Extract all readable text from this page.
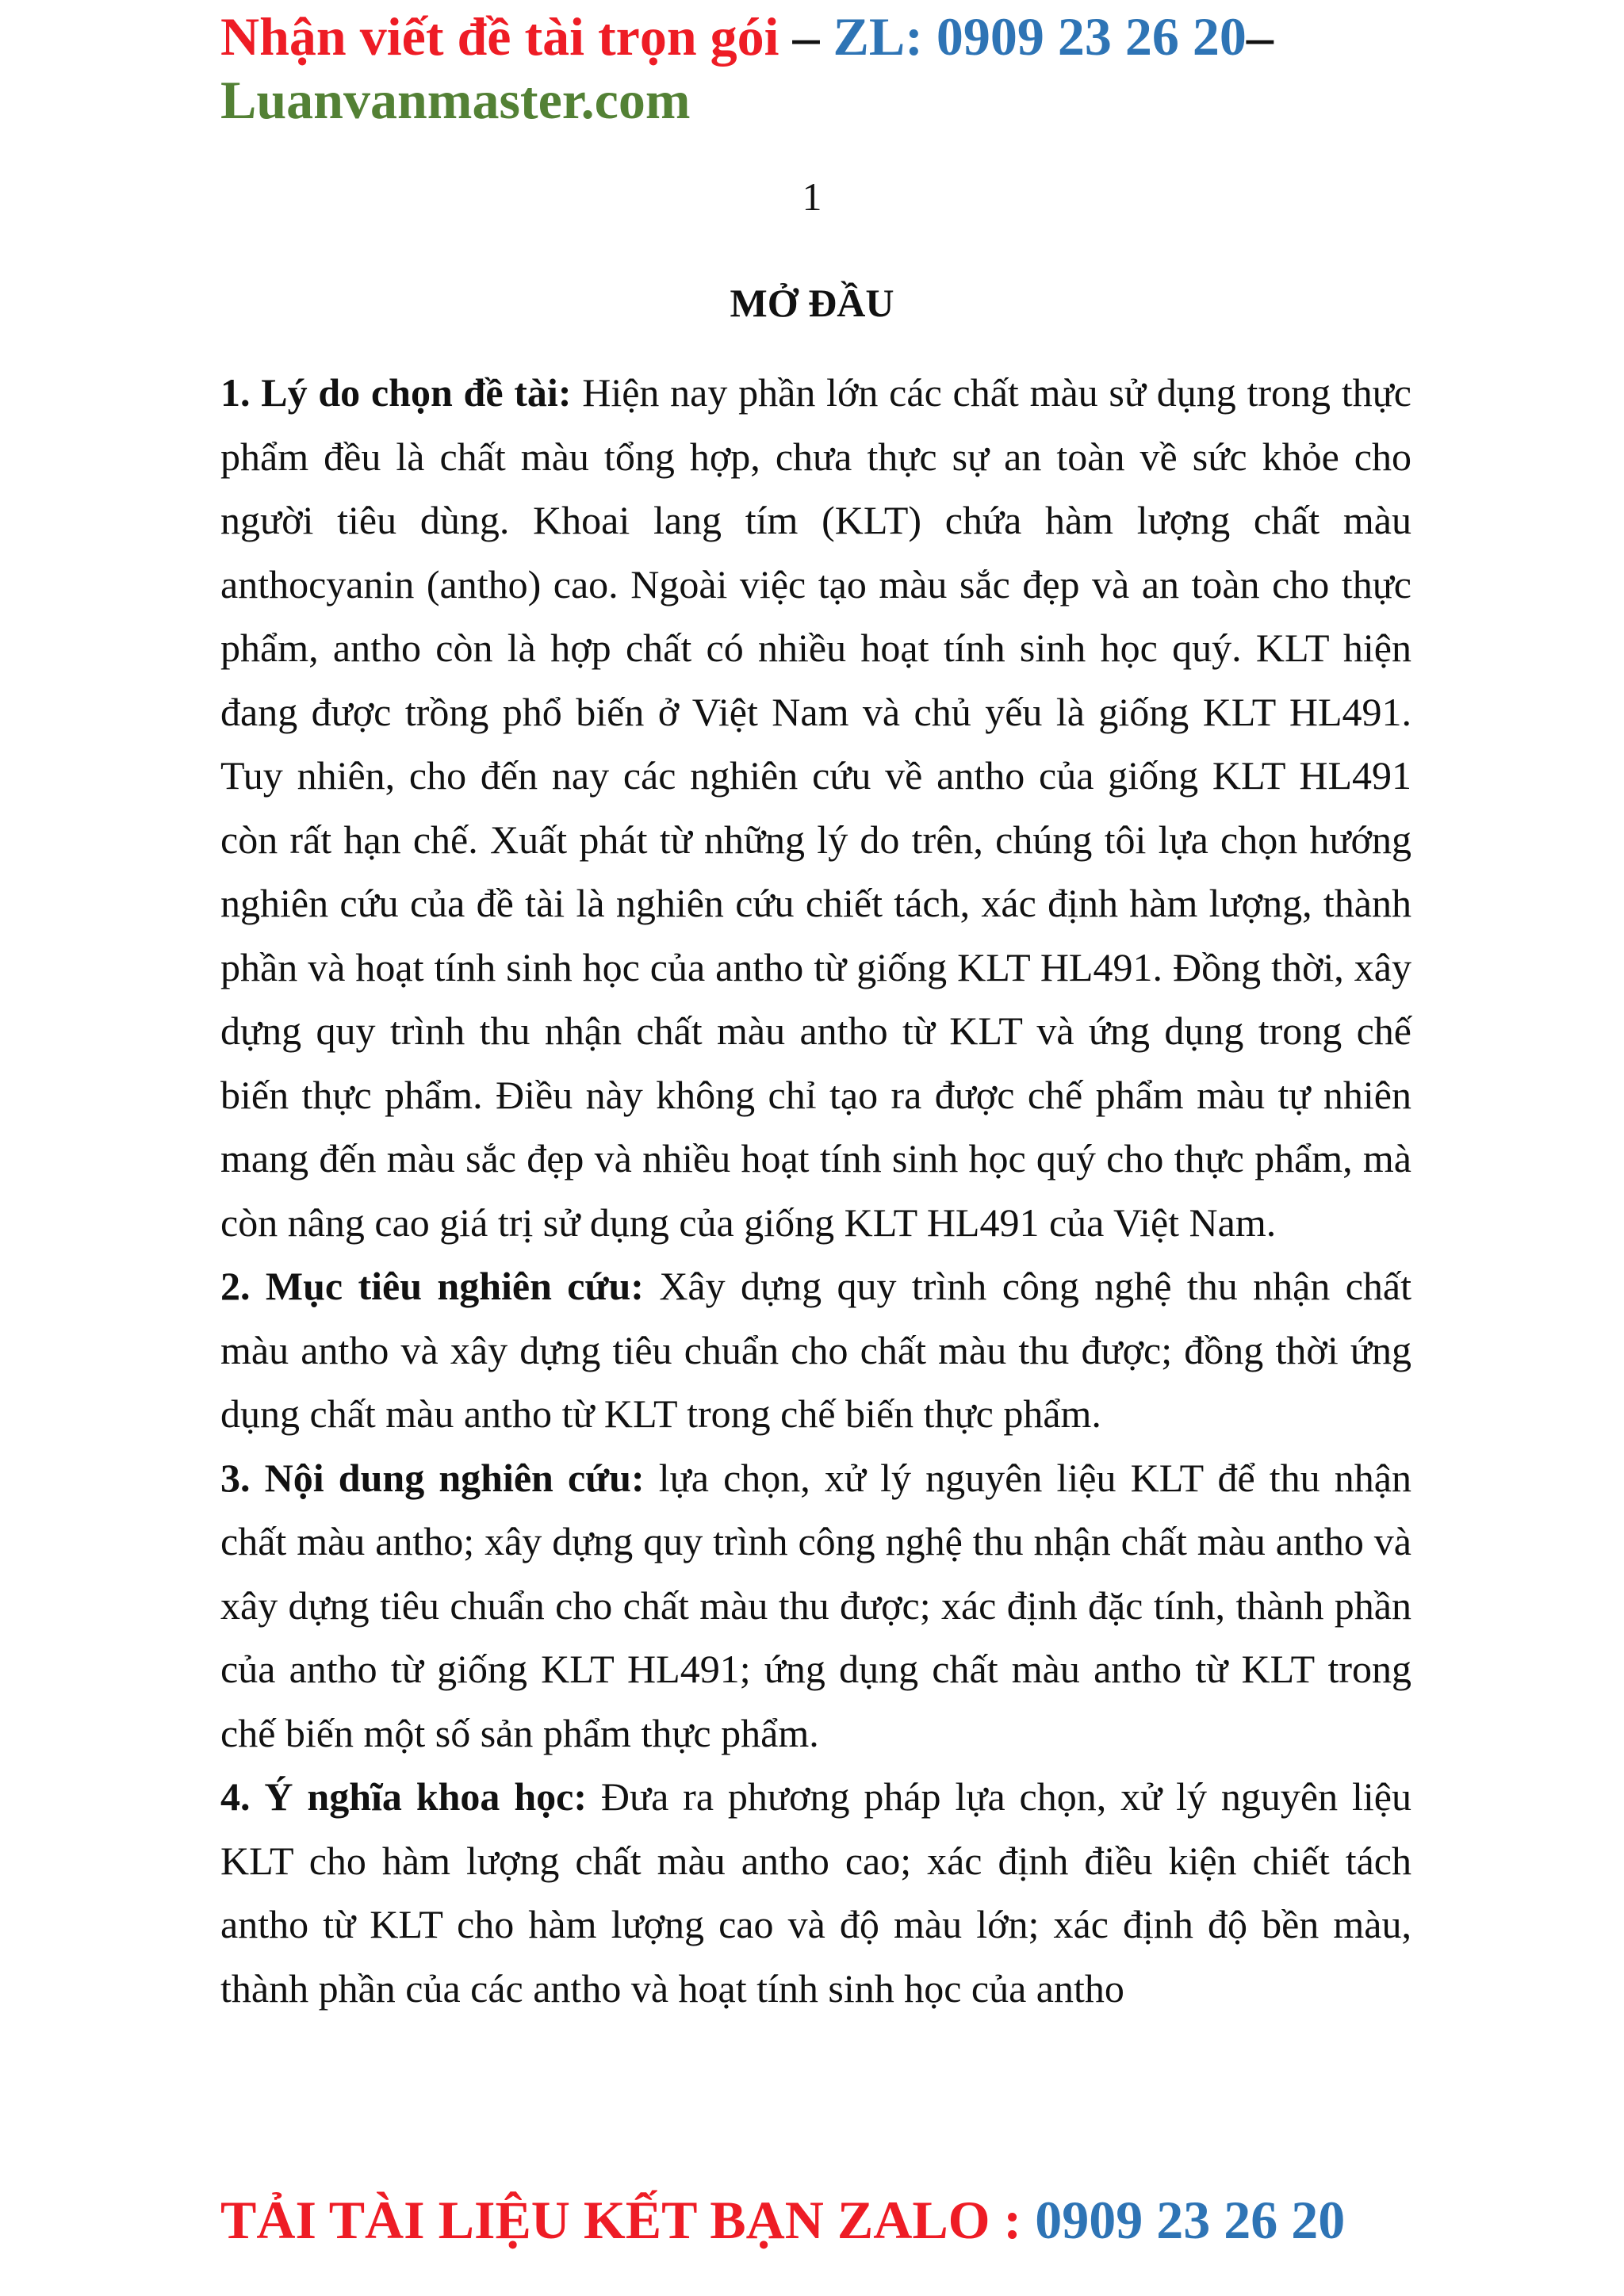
Nhận viết đề tài trọn gói – ZL: 0909 23 26 20–
Luanvanmaster.com
1
MỞ ĐẦU

1. Lý do chọn đề tài: Hiện nay phần lớn các chất màu sử dụng trong thực phẩm đều là chất màu tổng hợp, chưa thực sự an toàn về sức khỏe cho người tiêu dùng. Khoai lang tím (KLT) chứa hàm lượng chất màu anthocyanin (antho) cao. Ngoài việc tạo màu sắc đẹp và an toàn cho thực phẩm, antho còn là hợp chất có nhiều hoạt tính sinh học quý. KLT hiện đang được trồng phổ biến ở Việt Nam và chủ yếu là giống KLT HL491. Tuy nhiên, cho đến nay các nghiên cứu về antho của giống KLT HL491 còn rất hạn chế. Xuất phát từ những lý do trên, chúng tôi lựa chọn hướng nghiên cứu của đề tài là nghiên cứu chiết tách, xác định hàm lượng, thành phần và hoạt tính sinh học của antho từ giống KLT HL491. Đồng thời, xây dựng quy trình thu nhận chất màu antho từ KLT và ứng dụng trong chế biến thực phẩm. Điều này không chỉ tạo ra được chế phẩm màu tự nhiên mang đến màu sắc đẹp và nhiều hoạt tính sinh học quý cho thực phẩm, mà còn nâng cao giá trị sử dụng của giống KLT HL491 của Việt Nam.

2. Mục tiêu nghiên cứu: Xây dựng quy trình công nghệ thu nhận chất màu antho và xây dựng tiêu chuẩn cho chất màu thu được; đồng thời ứng dụng chất màu antho từ KLT trong chế biến thực phẩm.

3. Nội dung nghiên cứu: lựa chọn, xử lý nguyên liệu KLT để thu nhận chất màu antho; xây dựng quy trình công nghệ thu nhận chất màu antho và xây dựng tiêu chuẩn cho chất màu thu được; xác định đặc tính, thành phần của antho từ giống KLT HL491; ứng dụng chất màu antho từ KLT trong chế biến một số sản phẩm thực phẩm.

4. Ý nghĩa khoa học: Đưa ra phương pháp lựa chọn, xử lý nguyên liệu KLT cho hàm lượng chất màu antho cao; xác định điều kiện chiết tách antho từ KLT cho hàm lượng cao và độ màu lớn; xác định độ bền màu, thành phần của các antho và hoạt tính sinh học của antho

TẢI TÀI LIỆU KẾT BẠN ZALO : 0909 23 26 20
